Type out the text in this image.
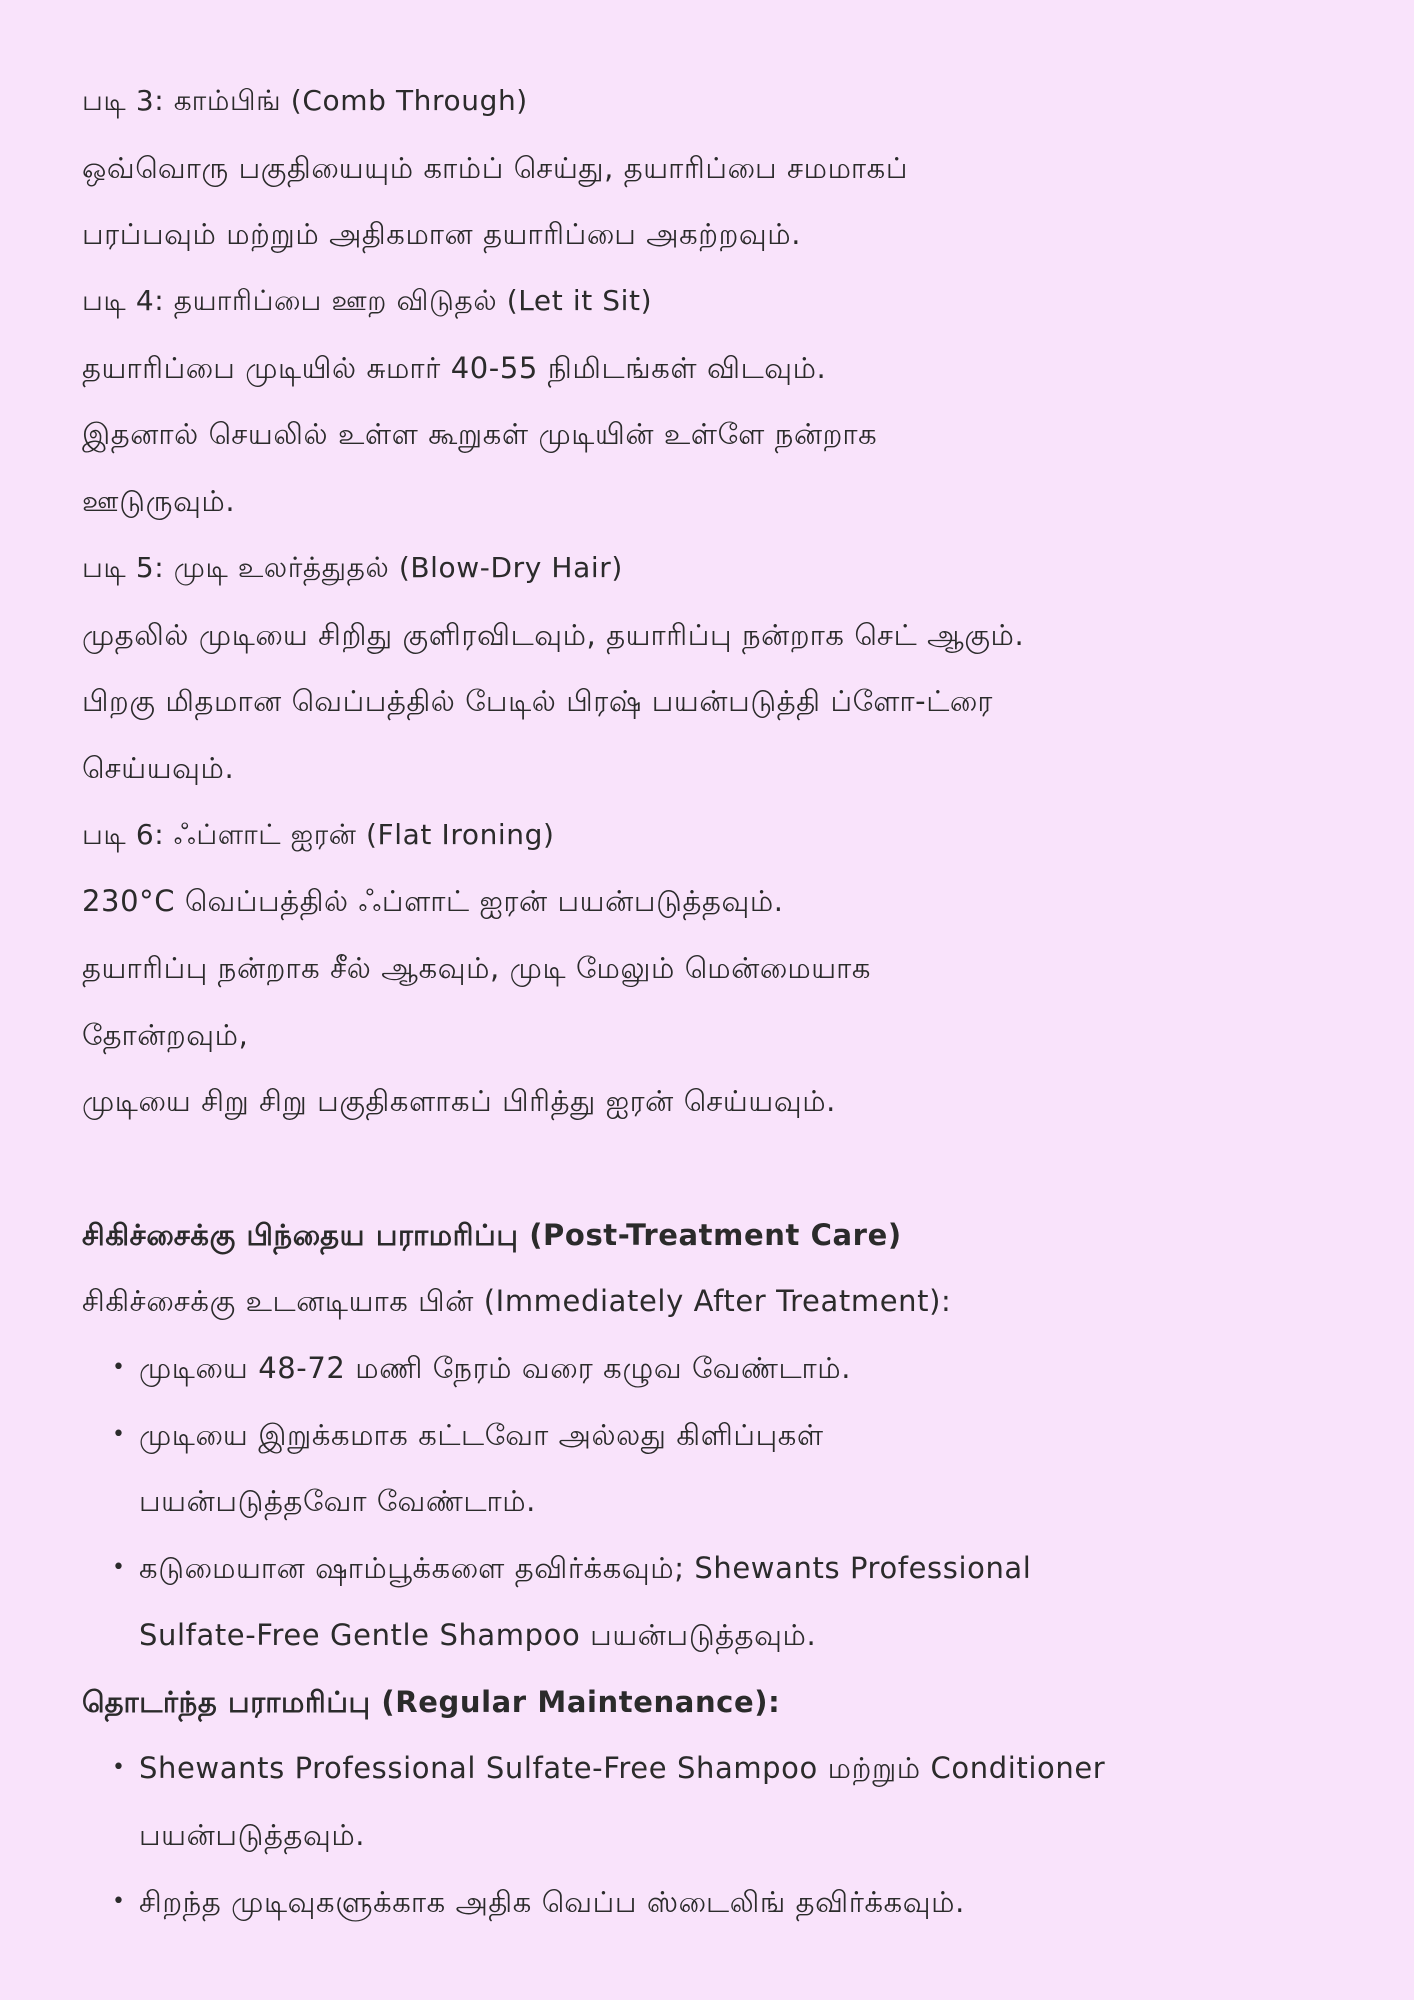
படி 3: காம்பிங் (Comb Through)
ஒவ்வொரு பகுதியையும் காம்ப் செய்து, தயாரிப்பை சமமாகப்
பரப்பவும் மற்றும் அதிகமான தயாரிப்பை அகற்றவும்.
படி 4: தயாரிப்பை ஊற விடுதல் (Let it Sit)
தயாரிப்பை முடியில் சுமார் 40-55 நிமிடங்கள் விடவும்.
இதனால் செயலில் உள்ள கூறுகள் முடியின் உள்ளே நன்றாக
ஊடுருவும்.
படி 5: முடி உலர்த்துதல் (Blow-Dry Hair)
முதலில் முடியை சிறிது குளிரவிடவும், தயாரிப்பு நன்றாக செட் ஆகும்.
பிறகு மிதமான வெப்பத்தில் பேடில் பிரஷ் பயன்படுத்தி ப்ளோ-ட்ரை
செய்யவும்.
படி 6: ஃப்ளாட் ஐரன் (Flat Ironing)
230°C வெப்பத்தில் ஃப்ளாட் ஐரன் பயன்படுத்தவும்.
தயாரிப்பு நன்றாக சீல் ஆகவும், முடி மேலும் மென்மையாக
தோன்றவும்,
முடியை சிறு சிறு பகுதிகளாகப் பிரித்து ஐரன் செய்யவும்.
சிகிச்சைக்கு பிந்தைய பராமரிப்பு (Post-Treatment Care)
சிகிச்சைக்கு உடனடியாக பின் (Immediately After Treatment):
• முடியை 48-72 மணி நேரம் வரை கழுவ வேண்டாம்.
• முடியை இறுக்கமாக கட்டவோ அல்லது கிளிப்புகள்
பயன்படுத்தவோ வேண்டாம்.
• கடுமையான ஷாம்பூக்களை தவிர்க்கவும்; Shewants Professional
Sulfate-Free Gentle Shampoo பயன்படுத்தவும்.
தொடர்ந்த பராமரிப்பு (Regular Maintenance):
• Shewants Professional Sulfate-Free Shampoo மற்றும் Conditioner
பயன்படுத்தவும்.
• சிறந்த முடிவுகளுக்காக அதிக வெப்ப ஸ்டைலிங் தவிர்க்கவும்.
